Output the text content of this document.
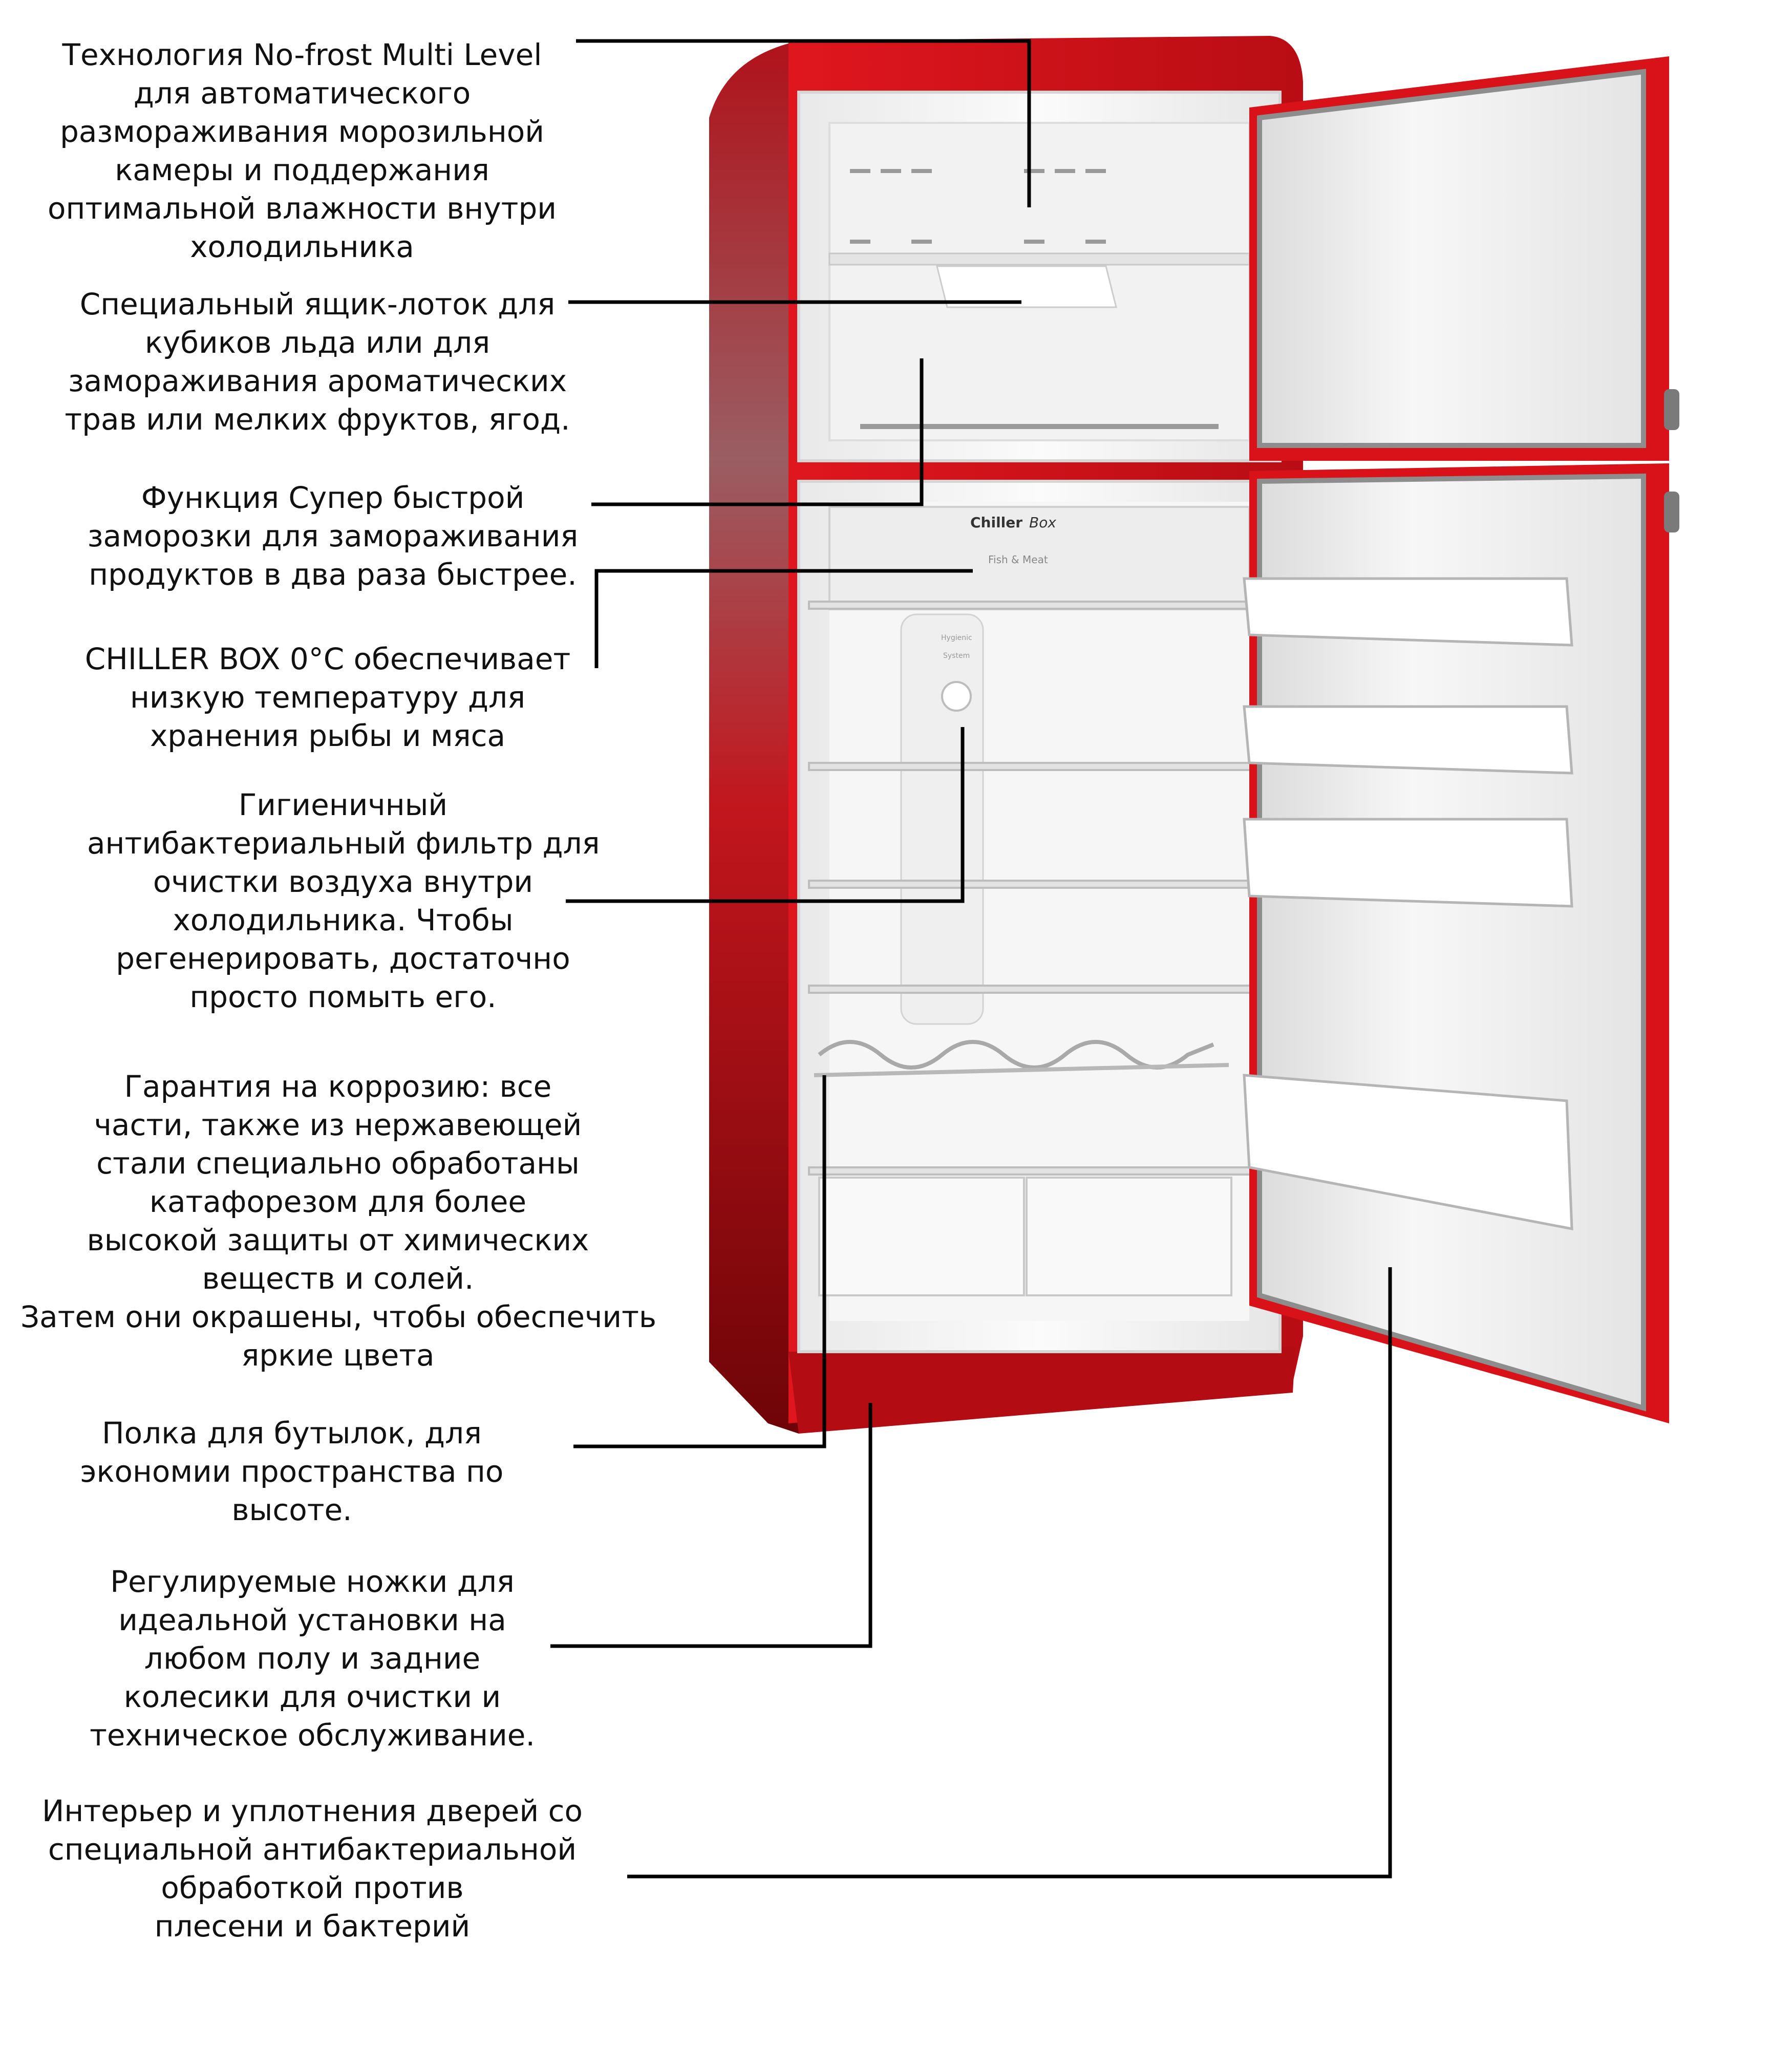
Chiller Box
Fish & Meat
Hygienic
System
Технология No-frost Multi Level
для автоматического
размораживания морозильной
камеры и поддержания
оптимальной влажности внутри
холодильника
Специальный ящик-лоток для
кубиков льда или для
замораживания ароматических
трав или мелких фруктов, ягод.
Функция Супер быстрой
заморозки для замораживания
продуктов в два раза быстрее.
CHILLER BOX 0°C обеспечивает
низкую температуру для
хранения рыбы и мяса
Гигиеничный
антибактериальный фильтр для
очистки воздуха внутри
холодильника. Чтобы
регенерировать, достаточно
просто помыть его.
Гарантия на коррозию: все
части, также из нержавеющей
стали специально обработаны
катафорезом для более
высокой защиты от химических
веществ и солей.
Затем они окрашены, чтобы обеспечить
яркие цвета
Полка для бутылок, для
экономии пространства по
высоте.
Регулируемые ножки для
идеальной установки на
любом полу и задние
колесики для очистки и
техническое обслуживание.
Интерьер и уплотнения дверей со
специальной антибактериальной
обработкой против
плесени и бактерий
